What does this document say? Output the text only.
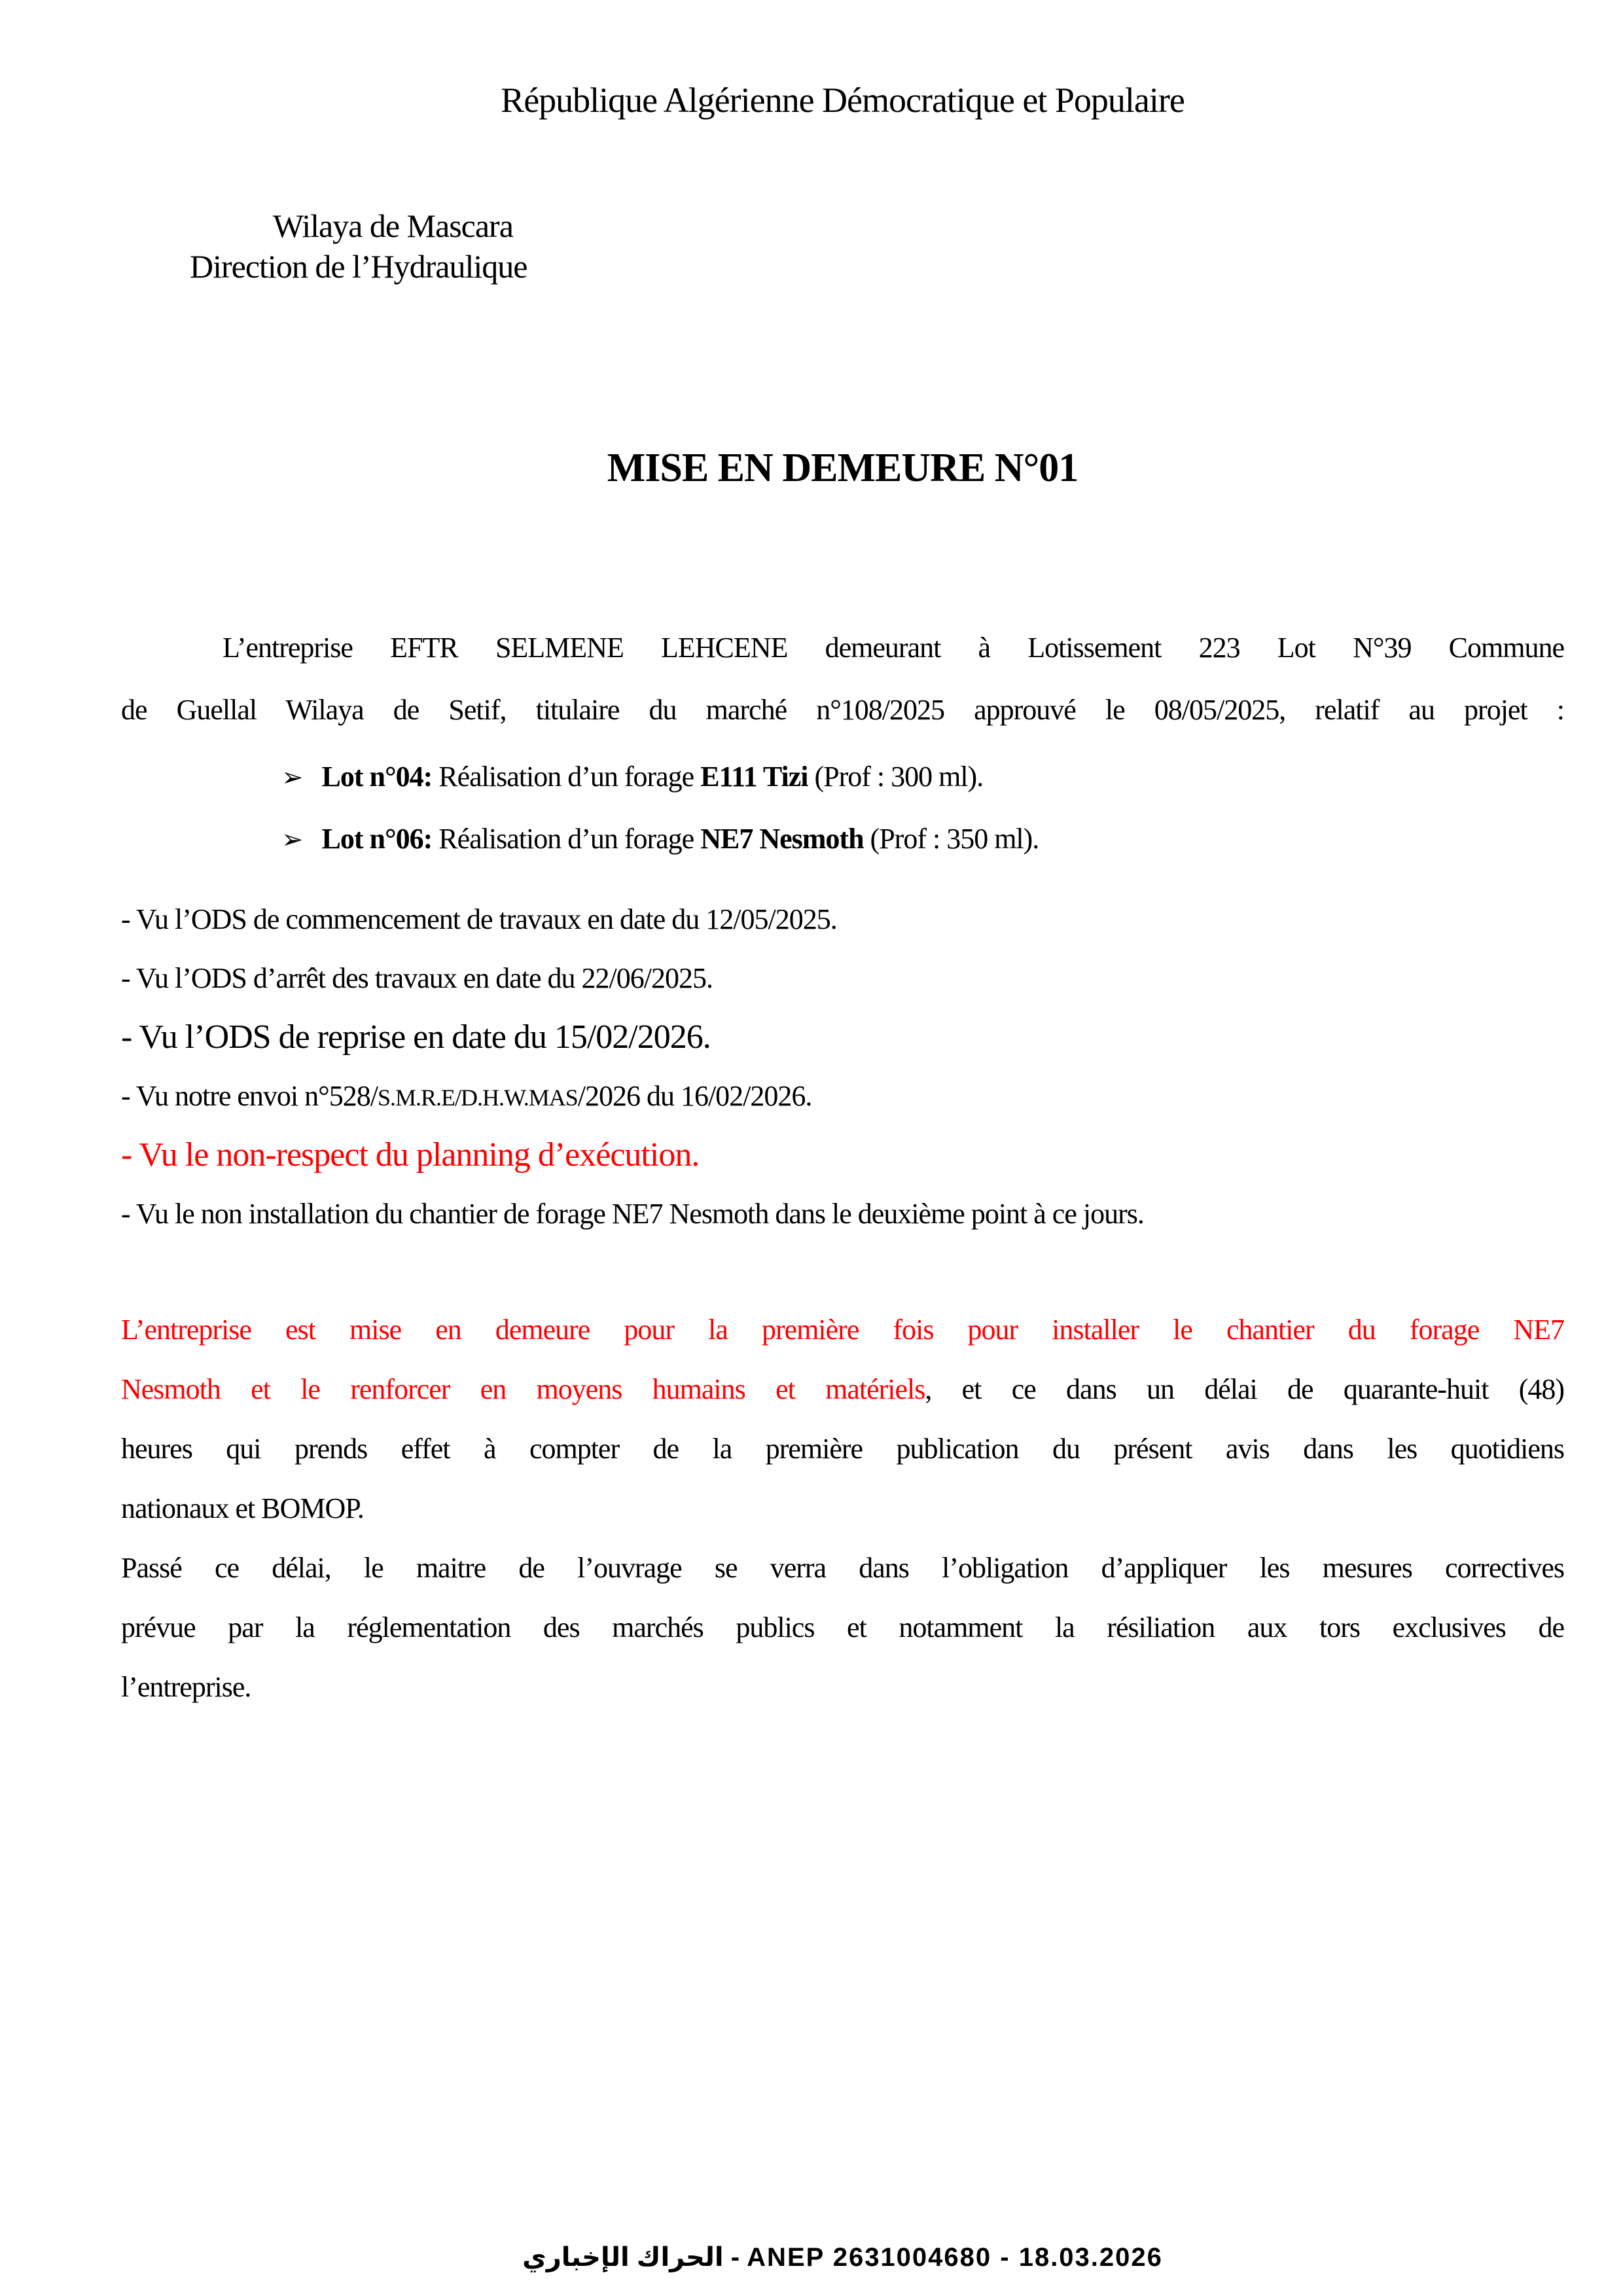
République Algérienne Démocratique et Populaire
Wilaya de Mascara
Direction de l’Hydraulique
MISE EN DEMEURE N°01
L’entreprise EFTR SELMENE LEHCENE demeurant à Lotissement 223 Lot N°39 Commune
de Guellal Wilaya de Setif, titulaire du marché n°108/2025 approuvé le 08/05/2025, relatif au projet :
➢ Lot n°04: Réalisation d’un forage E111 Tizi (Prof : 300 ml).
➢ Lot n°06: Réalisation d’un forage NE7 Nesmoth (Prof : 350 ml).
- Vu l’ODS de commencement de travaux en date du 12/05/2025.
- Vu l’ODS d’arrêt des travaux en date du 22/06/2025.
- Vu l’ODS de reprise en date du 15/02/2026.
- Vu notre envoi n°528/S.M.R.E/D.H.W.MAS/2026 du 16/02/2026.
- Vu le non-respect du planning d’exécution.
- Vu le non installation du chantier de forage NE7 Nesmoth dans le deuxième point à ce jours.
L’entreprise est mise en demeure pour la première fois pour installer le chantier du forage NE7
Nesmoth et le renforcer en moyens humains et matériels, et ce dans un délai de quarante-huit (48)
heures qui prends effet à compter de la première publication du présent avis dans les quotidiens
nationaux et BOMOP.
Passé ce délai, le maitre de l’ouvrage se verra dans l’obligation d’appliquer les mesures correctives
prévue par la réglementation des marchés publics et notamment la résiliation aux tors exclusives de
l’entreprise.
الحراك الإخباري - ANEP 2631004680 - 18.03.2026
